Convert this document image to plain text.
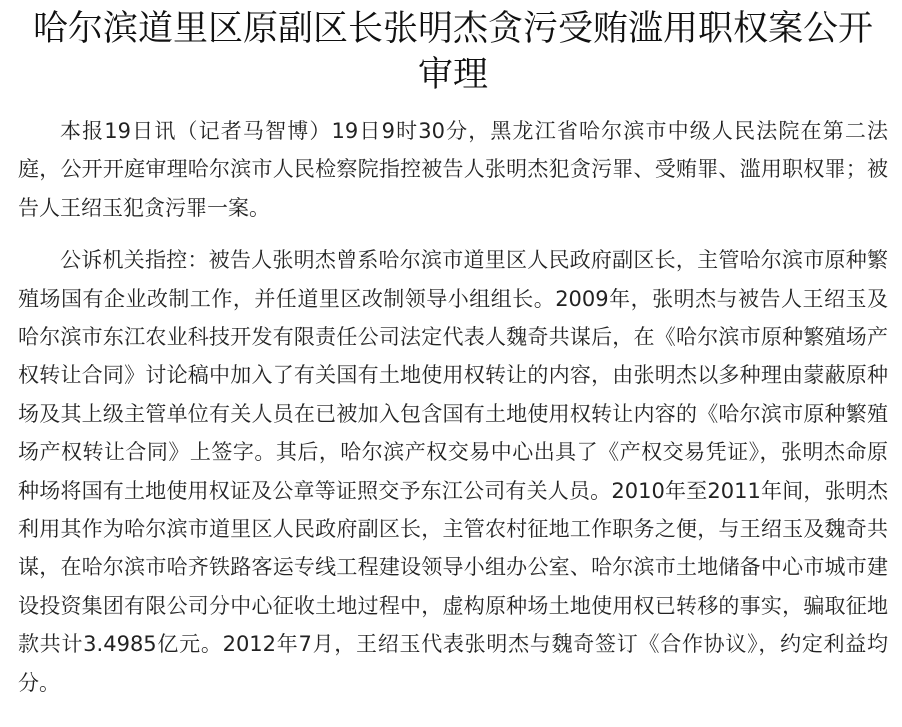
哈尔滨道里区原副区长张明杰贪污受贿滥用职权案公开审理

本报19日讯（记者马智博）19日9时30分，黑龙江省哈尔滨市中级人民法院在第二法庭，公开开庭审理哈尔滨市人民检察院指控被告人张明杰犯贪污罪、受贿罪、滥用职权罪；被告人王绍玉犯贪污罪一案。

公诉机关指控：被告人张明杰曾系哈尔滨市道里区人民政府副区长，主管哈尔滨市原种繁殖场国有企业改制工作，并任道里区改制领导小组组长。2009年，张明杰与被告人王绍玉及哈尔滨市东江农业科技开发有限责任公司法定代表人魏奇共谋后，在《哈尔滨市原种繁殖场产权转让合同》讨论稿中加入了有关国有土地使用权转让的内容，由张明杰以多种理由蒙蔽原种场及其上级主管单位有关人员在已被加入包含国有土地使用权转让内容的《哈尔滨市原种繁殖场产权转让合同》上签字。其后，哈尔滨产权交易中心出具了《产权交易凭证》，张明杰命原种场将国有土地使用权证及公章等证照交予东江公司有关人员。2010年至2011年间，张明杰利用其作为哈尔滨市道里区人民政府副区长，主管农村征地工作职务之便，与王绍玉及魏奇共谋，在哈尔滨市哈齐铁路客运专线工程建设领导小组办公室、哈尔滨市土地储备中心市城市建设投资集团有限公司分中心征收土地过程中，虚构原种场土地使用权已转移的事实，骗取征地款共计3.4985亿元。2012年7月，王绍玉代表张明杰与魏奇签订《合作协议》，约定利益均分。
